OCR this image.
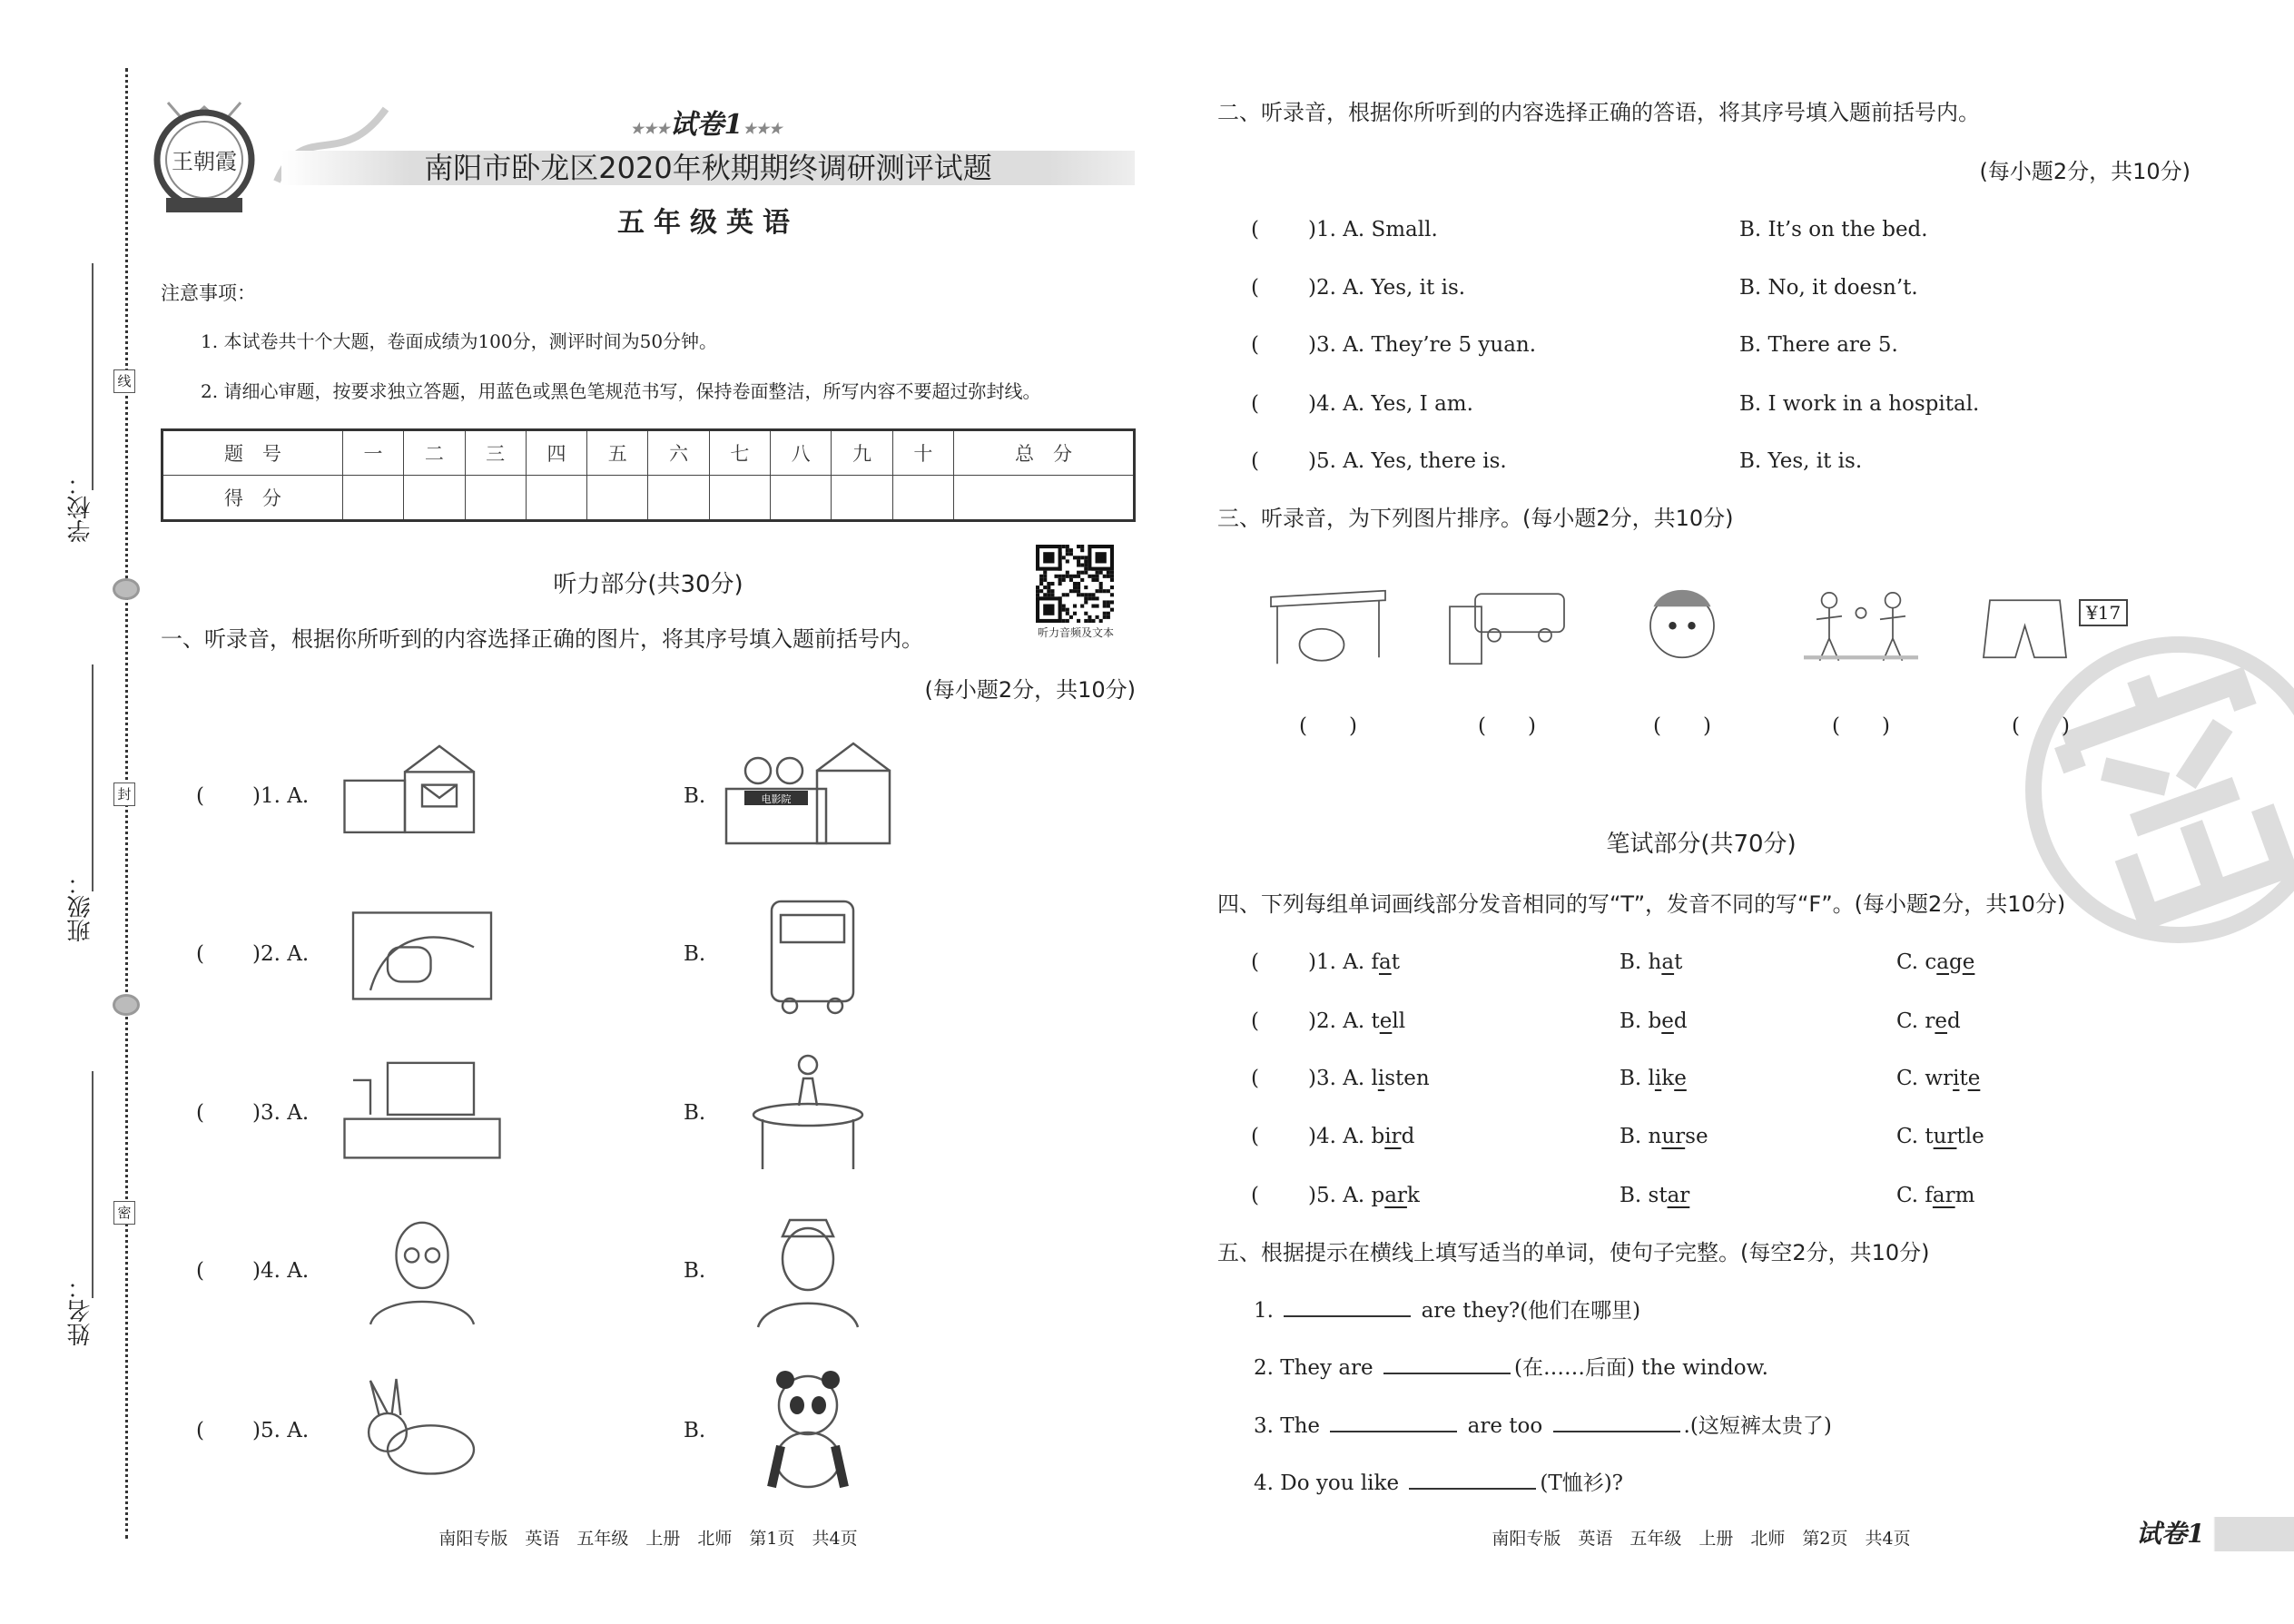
学校：
班级：
姓名：
线
封
密
王朝霞
★★★试卷1★★★
南阳市卧龙区2020年秋期期终调研测评试题
五年级英语
注意事项：
1. 本试卷共十个大题，卷面成绩为100分，测评时间为50分钟。
2. 请细心审题，按要求独立答题，用蓝色或黑色笔规范书写，保持卷面整洁，所写内容不要超过弥封线。
题　号	一	二	三	四	五	六	七	八	九	十	总　分
得　分											
听力部分(共30分)
听力音频及文本
一、听录音，根据你所听到的内容选择正确的图片，将其序号填入题前括号内。
(每小题2分，共10分)
( )1. A.	B.	电影院
( )2. A.	B.
( )3. A.	B.
( )4. A.	B.
( )5. A.	B.
南阳专版　英语　五年级　上册　北师　第1页　共4页
二、听录音，根据你所听到的内容选择正确的答语，将其序号填入题前括号内。
(每小题2分，共10分)
( )1. A. Small.	B. It’s on the bed.
( )2. A. Yes, it is.	B. No, it doesn’t.
( )3. A. They’re 5 yuan.	B. There are 5.
( )4. A. Yes, I am.	B. I work in a hospital.
( )5. A. Yes, there is.	B. Yes, it is.
三、听录音，为下列图片排序。(每小题2分，共10分)
(　　)	(　　)	(　　)	(　　)	(　　)
¥17
笔试部分(共70分)
四、下列每组单词画线部分发音相同的写“T”，发音不同的写“F”。(每小题2分，共10分)
( )1. A. fat	B. hat	C. cage
( )2. A. tell	B. bed	C. red
( )3. A. listen	B. like	C. write
( )4. A. bird	B. nurse	C. turtle
( )5. A. park	B. star	C. farm
五、根据提示在横线上填写适当的单词，使句子完整。(每空2分，共10分)
1.	are they?(他们在哪里)
2. They are	(在……后面) the window.
3. The	are too	.(这短裤太贵了)
4. Do you like	(T恤衫)?
南阳专版　英语　五年级　上册　北师　第2页　共4页	试卷1
